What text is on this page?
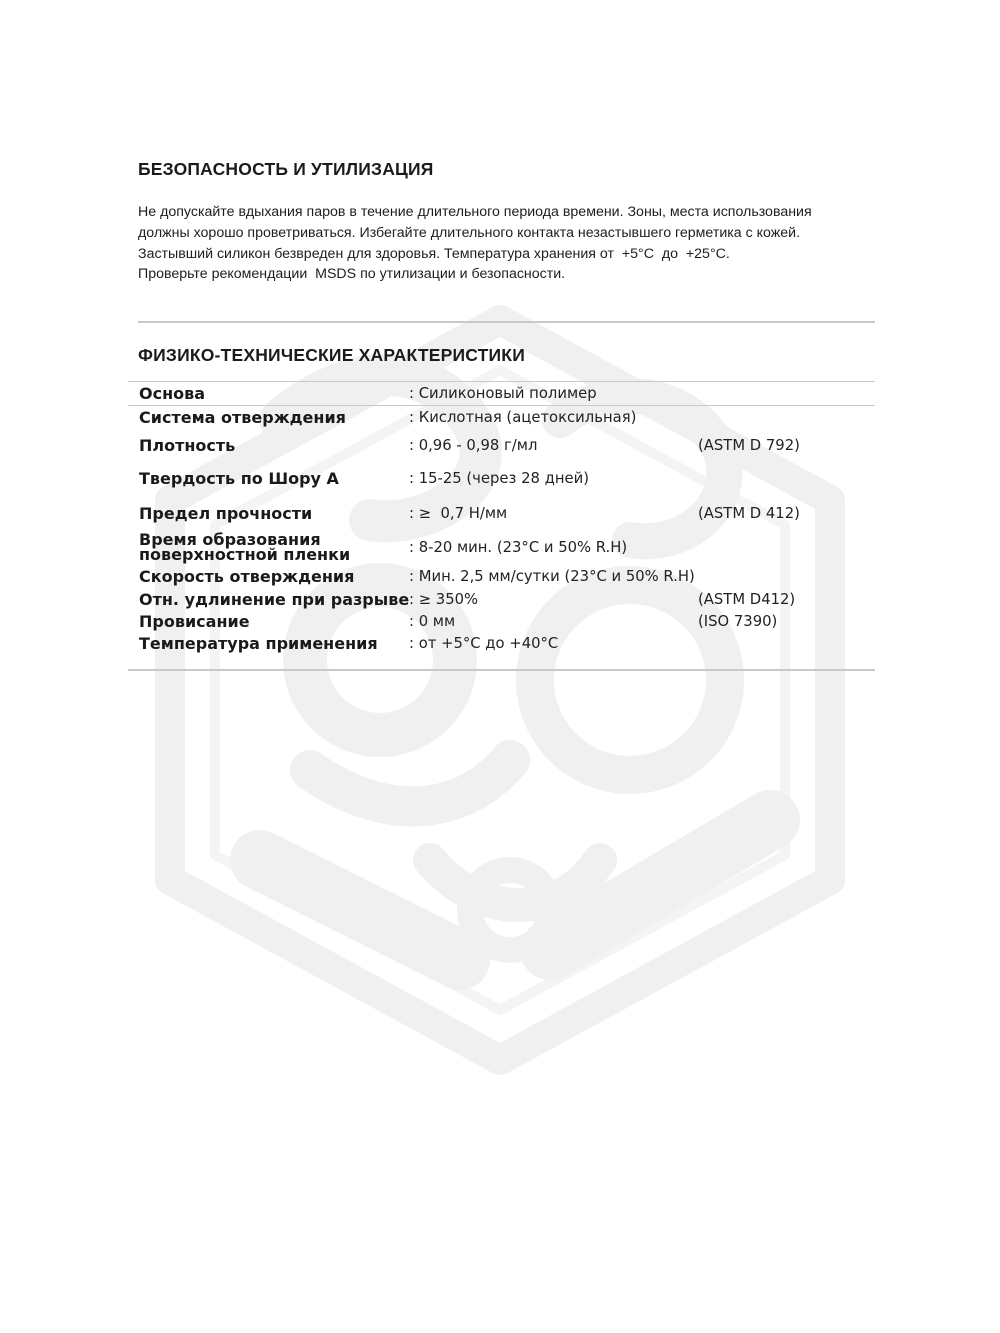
БЕЗОПАСНОСТЬ И УТИЛИЗАЦИЯ

Не допускайте вдыхания паров в течение длительного периода времени. Зоны, места использования

должны хорошо проветриваться. Избегайте длительного контакта незастывшего герметика с кожей.

Застывший силикон безвреден для здоровья. Температура хранения от  +5°C  до  +25°C.

Проверьте рекомендации  MSDS по утилизации и безопасности.

ФИЗИКО-ТЕХНИЧЕСКИЕ ХАРАКТЕРИСТИКИ
Основа	: Силиконовый полимер
Система отверждения	: Кислотная (ацетоксильная)
Плотность	: 0,96 - 0,98 г/мл	(ASTM D 792)
Твердость по Шору А	: 15-25 (через 28 дней)
Предел прочности	: ≥  0,7 Н/мм	(ASTM D 412)
Время образования
поверхностной пленки	: 8-20 мин. (23°C и 50% R.H)
Скорость отверждения	: Мин. 2,5 мм/сутки (23°C и 50% R.H)
Отн. удлинение при разрыве : ≥ 350%	(ASTM D412)
Провисание	: 0 мм	(ISO 7390)
Температура применения : от +5°C до +40°C
